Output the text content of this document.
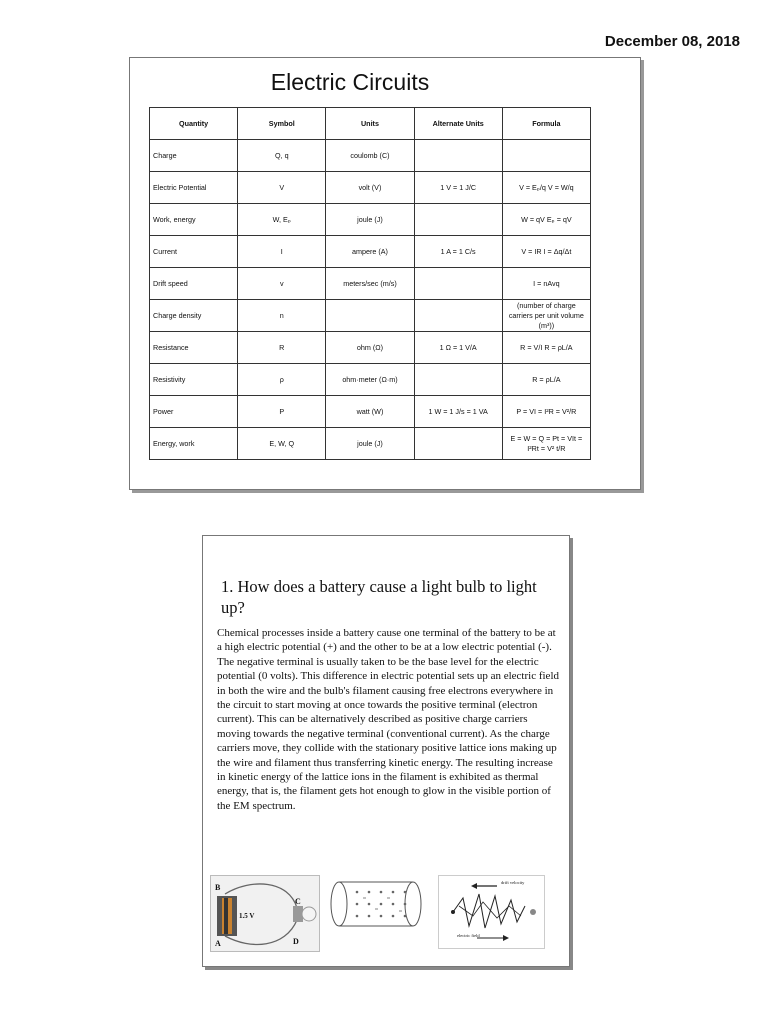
December 08, 2018
Electric Circuits
Quantity	Symbol	Units	Alternate Units	Formula
Charge	Q, q	coulomb (C)		
Electric Potential	V	volt (V)	1 V = 1 J/C	V = Eₚ/q V = W/q
Work, energy	W, Eₚ	joule (J)		W = qV Eₚ = qV
Current	I	ampere (A)	1 A = 1 C/s	V = IR I = Δq/Δt
Drift speed	v	meters/sec (m/s)		I = nAvq
Charge density	n			(number of charge carriers per unit volume (m³))
Resistance	R	ohm (Ω)	1 Ω = 1 V/A	R = V/I R = ρL/A
Resistivity	ρ	ohm·meter (Ω·m)		R = ρL/A
Power	P	watt (W)	1 W = 1 J/s = 1 VA	P = VI = I²R = V²/R
Energy, work	E, W, Q	joule (J)		E = W = Q = Pt = VIt = I²Rt = V² t/R
1. How does a battery cause a light bulb to light up?
Chemical processes inside a battery cause one terminal of the battery to be at a high electric potential (+) and the other to be at a low electric potential (-). The negative terminal is usually taken to be the base level for the electric potential (0 volts). This difference in electric potential sets up an electric field in both the wire and the bulb's filament causing free electrons everywhere in the circuit to start moving at once towards the positive terminal (electron current). This can be alternatively described as positive charge carriers moving towards the negative terminal (conventional current). As the charge carriers move, they collide with the stationary positive lattice ions making up the wire and filament thus transferring kinetic energy. The resulting increase in kinetic energy of the lattice ions in the filament is exhibited as thermal energy, that is, the filament gets hot enough to glow in the visible portion of the EM spectrum.
B
A
C
D
1.5 V
drift velocity
electric field
